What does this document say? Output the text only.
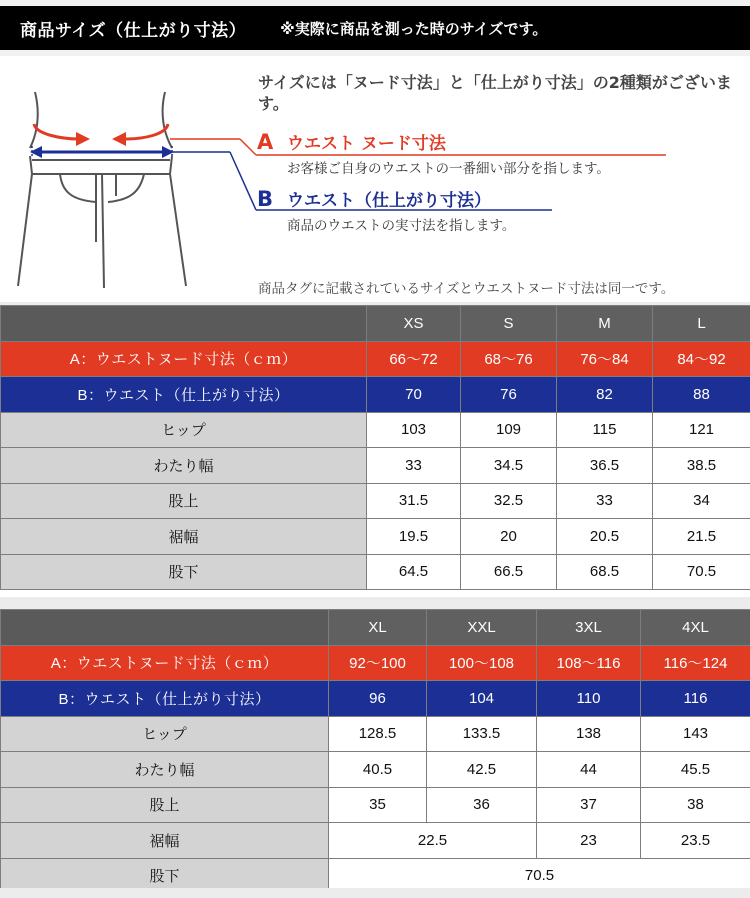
商品サイズ（仕上がり寸法） ※実際に商品を測った時のサイズです。
サイズには「ヌード寸法」と「仕上がり寸法」の2種類がございます。
A ウエスト ヌード寸法
お客様ご自身のウエストの一番細い部分を指します。
B ウエスト（仕上がり寸法）
商品のウエストの実寸法を指します。
商品タグに記載されているサイズとウエストヌード寸法は同一です。
	XS	S	M	L
A：ウエストヌード寸法（ｃｍ）	66〜72	68〜76	76〜84	84〜92
B：ウエスト（仕上がり寸法）	70	76	82	88
ヒップ	103	109	115	121
わたり幅	33	34.5	36.5	38.5
股上	31.5	32.5	33	34
裾幅	19.5	20	20.5	21.5
股下	64.5	66.5	68.5	70.5
	XL	XXL	3XL	4XL
A：ウエストヌード寸法（ｃｍ）	92〜100	100〜108	108〜116	116〜124
B：ウエスト（仕上がり寸法）	96	104	110	116
ヒップ	128.5	133.5	138	143
わたり幅	40.5	42.5	44	45.5
股上	35	36	37	38
裾幅	22.5		23	23.5
股下	70.5			
